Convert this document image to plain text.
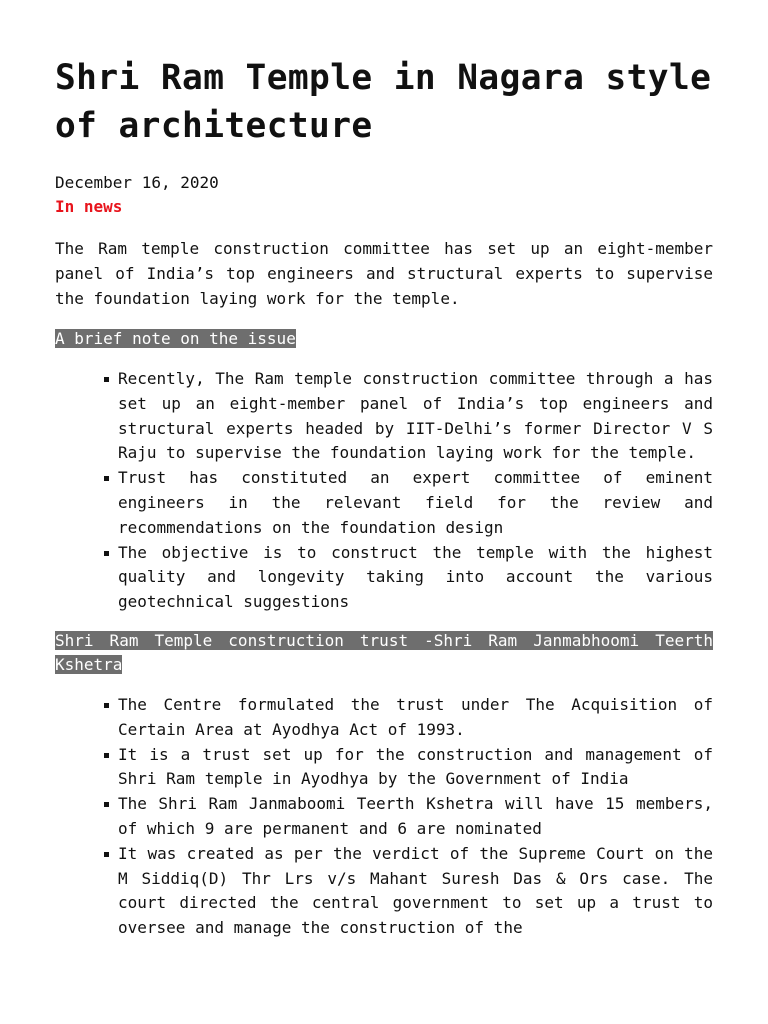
Shri Ram Temple in Nagara style of architecture
December 16, 2020
In news

The Ram temple construction committee has set up an eight-member panel of India’s top engineers and structural experts to supervise the foundation laying work for the temple.

A brief note on the issue
Recently, The Ram temple construction committee through a has set up an eight-member panel of India’s top engineers and structural experts headed by IIT-Delhi’s former Director V S Raju to supervise the foundation laying work for the temple.
Trust has constituted an expert committee of eminent engineers in the relevant field for the review and recommendations on the foundation design
The objective is to construct the temple with the highest quality and longevity taking into account the various geotechnical suggestions
Shri Ram Temple construction trust -Shri Ram Janmabhoomi Teerth Kshetra
The Centre formulated the trust under The Acquisition of Certain Area at Ayodhya Act of 1993.
It is a trust set up for the construction and management of Shri Ram temple in Ayodhya by the Government of India
The Shri Ram Janmaboomi Teerth Kshetra will have 15 members, of which 9 are permanent and 6 are nominated
It was created as per the verdict of the Supreme Court on the M Siddiq(D) Thr Lrs v/s Mahant Suresh Das & Ors case. The court directed the central government to set up a trust to oversee and manage the construction of the
